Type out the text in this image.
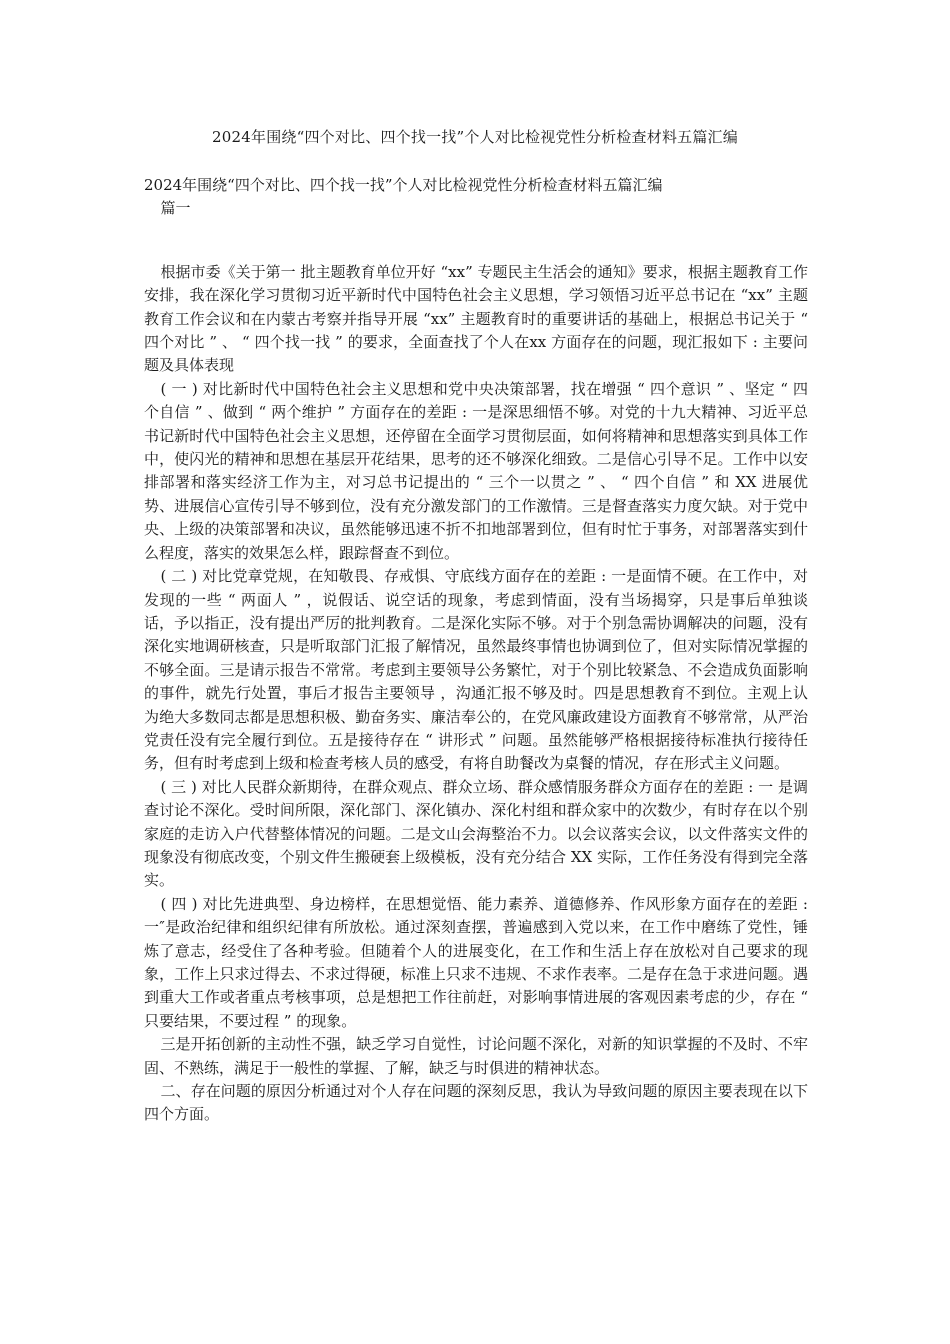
2024年围绕“四个对比、四个找一找”个人对比检视党性分析检查材料五篇汇编

2024年围绕“四个对比、四个找一找”个人对比检视党性分析检查材料五篇汇编

篇一

根据市委《关于第一 批主题教育单位开好 “xx” 专题民主生活会的通知》要求，根据主题教育工作安排，我在深化学习贯彻习近平新时代中国特色社会主义思想，学习领悟习近平总书记在 “xx” 主题教育工作会议和在内蒙古考察并指导开展 “xx” 主题教育时的重要讲话的基础上，根据总书记关于 “ 四个对比 ” 、 “ 四个找一找 ” 的要求，全面查找了个人在xx 方面存在的问题，现汇报如下 : 主要问题及具体表现

( 一 ) 对比新时代中国特色社会主义思想和党中央决策部署，找在增强 “ 四个意识 ” 、坚定 “ 四个自信 ” 、做到 “ 两个维护 ” 方面存在的差距 : 一是深思细悟不够。对党的十九大精神、习近平总书记新时代中国特色社会主义思想，还停留在全面学习贯彻层面，如何将精神和思想落实到具体工作中，使闪光的精神和思想在基层开花结果，思考的还不够深化细致。二是信心引导不足。工作中以安排部署和落实经济工作为主，对习总书记提出的 “ 三个一以贯之 ” 、 “ 四个自信 ” 和 XX 进展优势、进展信心宣传引导不够到位，没有充分激发部门的工作激情。三是督查落实力度欠缺。对于党中央、上级的决策部署和决议，虽然能够迅速不折不扣地部署到位，但有时忙于事务，对部署落实到什么程度，落实的效果怎么样，跟踪督查不到位。

( 二 ) 对比党章党规，在知敬畏、存戒惧、守底线方面存在的差距 : 一是面情不硬。在工作中，对发现的一些 “ 两面人 ” ，说假话、说空话的现象，考虑到情面，没有当场揭穿，只是事后单独谈话，予以指正，没有提出严厉的批判教育。二是深化实际不够。对于个别急需协调解决的问题，没有深化实地调研核查，只是听取部门汇报了解情况，虽然最终事情也协调到位了，但对实际情况掌握的不够全面。三是请示报告不常常。考虑到主要领导公务繁忙，对于个别比较紧急、不会造成负面影响的事件，就先行处置，事后才报告主要领导 ，沟通汇报不够及时。四是思想教育不到位。主观上认为绝大多数同志都是思想积极、勤奋务实、廉洁奉公的，在党风廉政建设方面教育不够常常，从严治党责任没有完全履行到位。五是接待存在 “ 讲形式 ” 问题。虽然能够严格根据接待标准执行接待任务，但有时考虑到上级和检查考核人员的感受，有将自助餐改为桌餐的情况，存在形式主义问题。

( 三 ) 对比人民群众新期待，在群众观点、群众立场、群众感情服务群众方面存在的差距 : 一 是调查讨论不深化。受时间所限，深化部门、深化镇办、深化村组和群众家中的次数少，有时存在以个别家庭的走访入户代替整体情况的问题。二是文山会海整治不力。以会议落实会议，以文件落实文件的现象没有彻底改变，个别文件生搬硬套上级模板，没有充分结合 XX 实际，工作任务没有得到完全落实。

( 四 ) 对比先进典型、身边榜样，在思想觉悟、能力素养、道德修养、作风形象方面存在的差距 :一″是政治纪律和组织纪律有所放松。通过深刻查摆，普遍感到入党以来，在工作中磨练了党性，锤炼了意志，经受住了各种考验。但随着个人的进展变化，在工作和生活上存在放松对自己要求的现象，工作上只求过得去、不求过得硬，标准上只求不违规、不求作表率。二是存在急于求进问题。遇到重大工作或者重点考核事项，总是想把工作往前赶，对影响事情进展的客观因素考虑的少，存在 “ 只要结果，不要过程 ” 的现象。

三是开拓创新的主动性不强，缺乏学习自觉性，讨论问题不深化，对新的知识掌握的不及时、不牢固、不熟练，满足于一般性的掌握、了解，缺乏与时俱进的精神状态。

二、存在问题的原因分析通过对个人存在问题的深刻反思，我认为导致问题的原因主要表现在以下四个方面。
